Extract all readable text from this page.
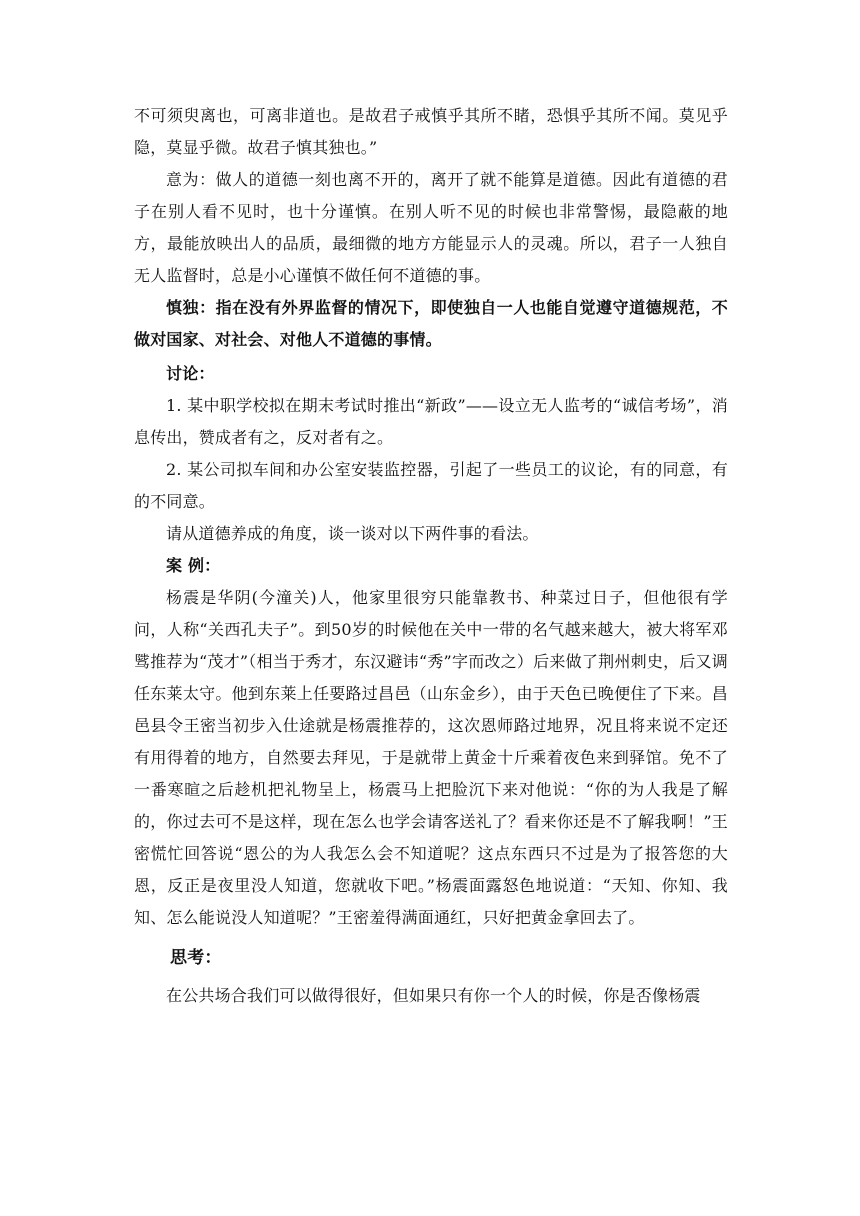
不可须臾离也，可离非道也。是故君子戒慎乎其所不睹，恐惧乎其所不闻。莫见乎隐，莫显乎微。故君子慎其独也。”

意为：做人的道德一刻也离不开的，离开了就不能算是道德。因此有道德的君子在别人看不见时，也十分谨慎。在别人听不见的时候也非常警惕，最隐蔽的地方，最能放映出人的品质，最细微的地方方能显示人的灵魂。所以，君子一人独自无人监督时，总是小心谨慎不做任何不道德的事。

慎独：指在没有外界监督的情况下，即使独自一人也能自觉遵守道德规范，不做对国家、对社会、对他人不道德的事情。

讨论：

1. 某中职学校拟在期末考试时推出“新政”——设立无人监考的“诚信考场”，消息传出，赞成者有之，反对者有之。

2. 某公司拟车间和办公室安装监控器，引起了一些员工的议论，有的同意，有的不同意。

请从道德养成的角度，谈一谈对以下两件事的看法。

案 例：

杨震是华阴(今潼关)人，他家里很穷只能靠教书、种菜过日子，但他很有学问，人称“关西孔夫子”。到50岁的时候他在关中一带的名气越来越大，被大将军邓骘推荐为“茂才”（相当于秀才，东汉避讳“秀”字而改之）后来做了荆州刺史，后又调任东莱太守。他到东莱上任要路过昌邑（山东金乡），由于天色已晚便住了下来。昌邑县令王密当初步入仕途就是杨震推荐的，这次恩师路过地界，况且将来说不定还有用得着的地方，自然要去拜见，于是就带上黄金十斤乘着夜色来到驿馆。免不了一番寒暄之后趁机把礼物呈上，杨震马上把脸沉下来对他说：“你的为人我是了解的，你过去可不是这样，现在怎么也学会请客送礼了？看来你还是不了解我啊！”王密慌忙回答说“恩公的为人我怎么会不知道呢？这点东西只不过是为了报答您的大恩，反正是夜里没人知道，您就收下吧。”杨震面露怒色地说道：“天知、你知、我知、怎么能说没人知道呢？”王密羞得满面通红，只好把黄金拿回去了。

思考：

在公共场合我们可以做得很好，但如果只有你一个人的时候，你是否像杨震
